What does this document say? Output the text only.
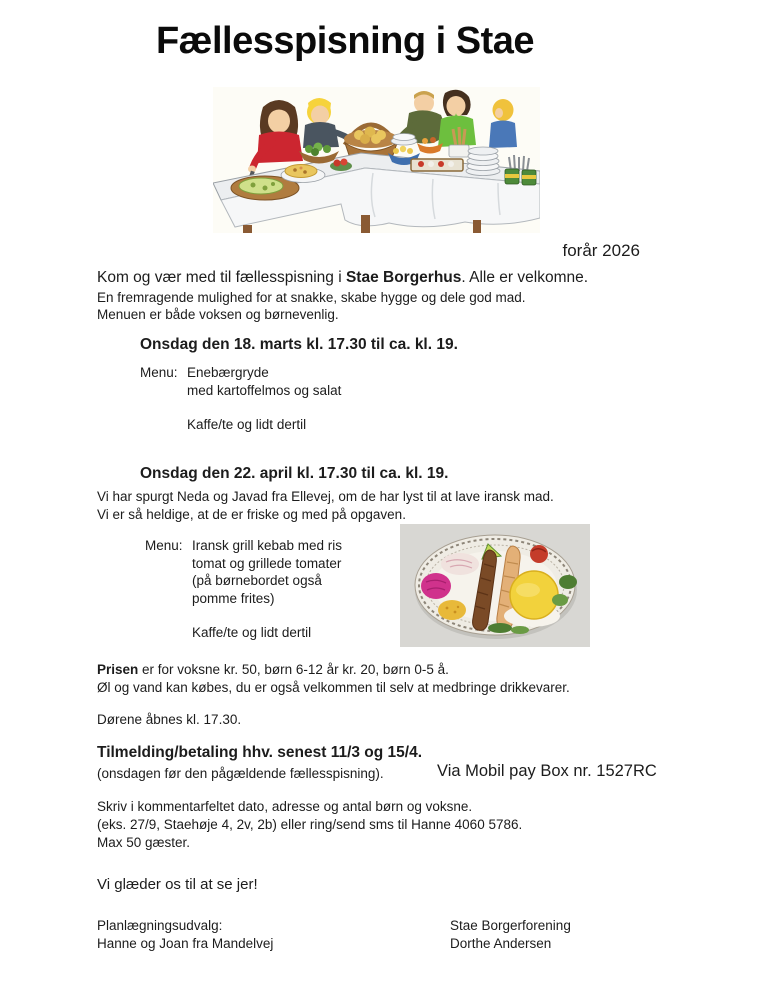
Fællesspisning i Stae
forår 2026
Kom og vær med til fællesspisning i Stae Borgerhus. Alle er velkomne.
En fremragende mulighed for at snakke, skabe hygge og dele god mad.
Menuen er både voksen og børnevenlig.
Onsdag den 18. marts kl. 17.30 til ca. kl. 19.
Menu: Enebærgryde
med kartoffelmos og salat
Kaffe/te og lidt dertil
Onsdag den 22. april kl. 17.30 til ca. kl. 19.
Vi har spurgt Neda og Javad fra Ellevej, om de har lyst til at lave iransk mad.
Vi er så heldige, at de er friske og med på opgaven.
Menu: Iransk grill kebab med ris
tomat og grillede tomater
(på børnebordet også
pomme frites)
Kaffe/te og lidt dertil
Prisen er for voksne kr. 50, børn 6-12 år kr. 20, børn 0-5 å.
Øl og vand kan købes, du er også velkommen til selv at medbringe drikkevarer.
Dørene åbnes kl. 17.30.
Tilmelding/betaling hhv. senest 11/3 og 15/4.
(onsdagen før den pågældende fællesspisning).	Via Mobil pay Box nr. 1527RC
Skriv i kommentarfeltet dato, adresse og antal børn og voksne.
(eks. 27/9, Staehøje 4, 2v, 2b) eller ring/send sms til Hanne 4060 5786.
Max 50 gæster.
Vi glæder os til at se jer!
Planlægningsudvalg:
Hanne og Joan fra Mandelvej
Stae Borgerforening
Dorthe Andersen
